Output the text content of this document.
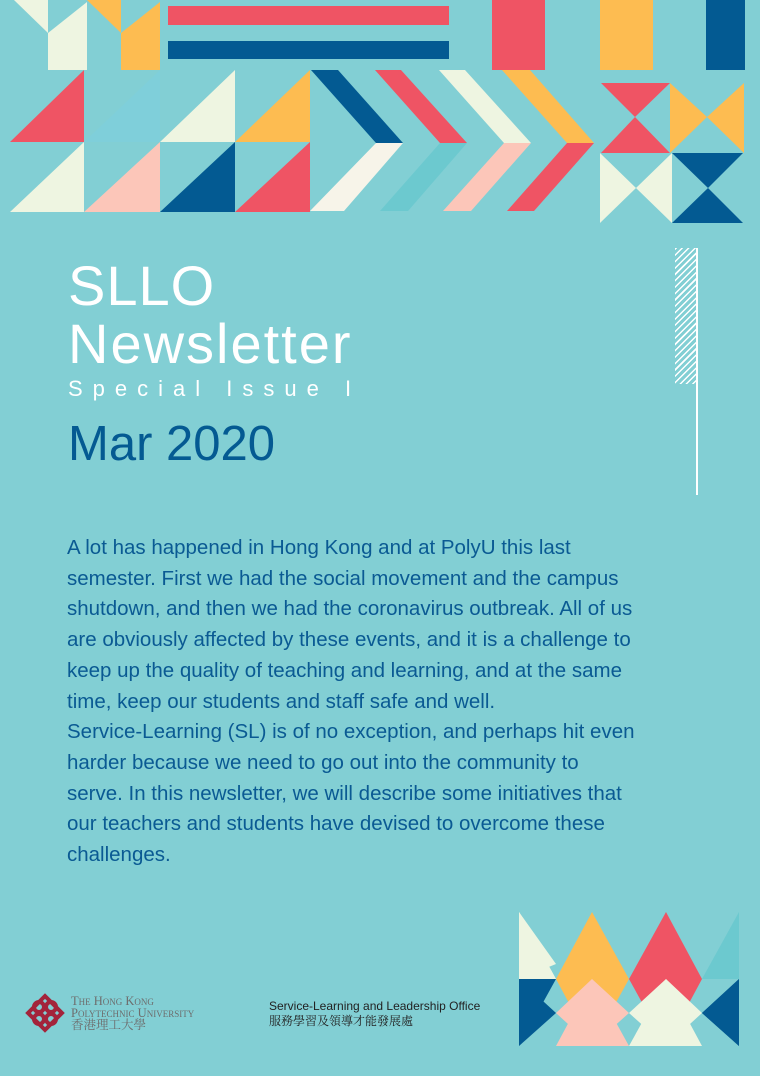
SLLO
Newsletter
Special Issue I
Mar 2020
A lot has happened in Hong Kong and at PolyU this last
semester. First we had the social movement and the campus
shutdown, and then we had the coronavirus outbreak. All of us
are obviously affected by these events, and it is a challenge to
keep up the quality of teaching and learning, and at the same
time, keep our students and staff safe and well.
Service-Learning (SL) is of no exception, and perhaps hit even
harder because we need to go out into the community to
serve. In this newsletter, we will describe some initiatives that
our teachers and students have devised to overcome these
challenges.
The Hong Kong
Polytechnic University
香港理工大學
Service-Learning and Leadership Office
服務學習及領導才能發展處
